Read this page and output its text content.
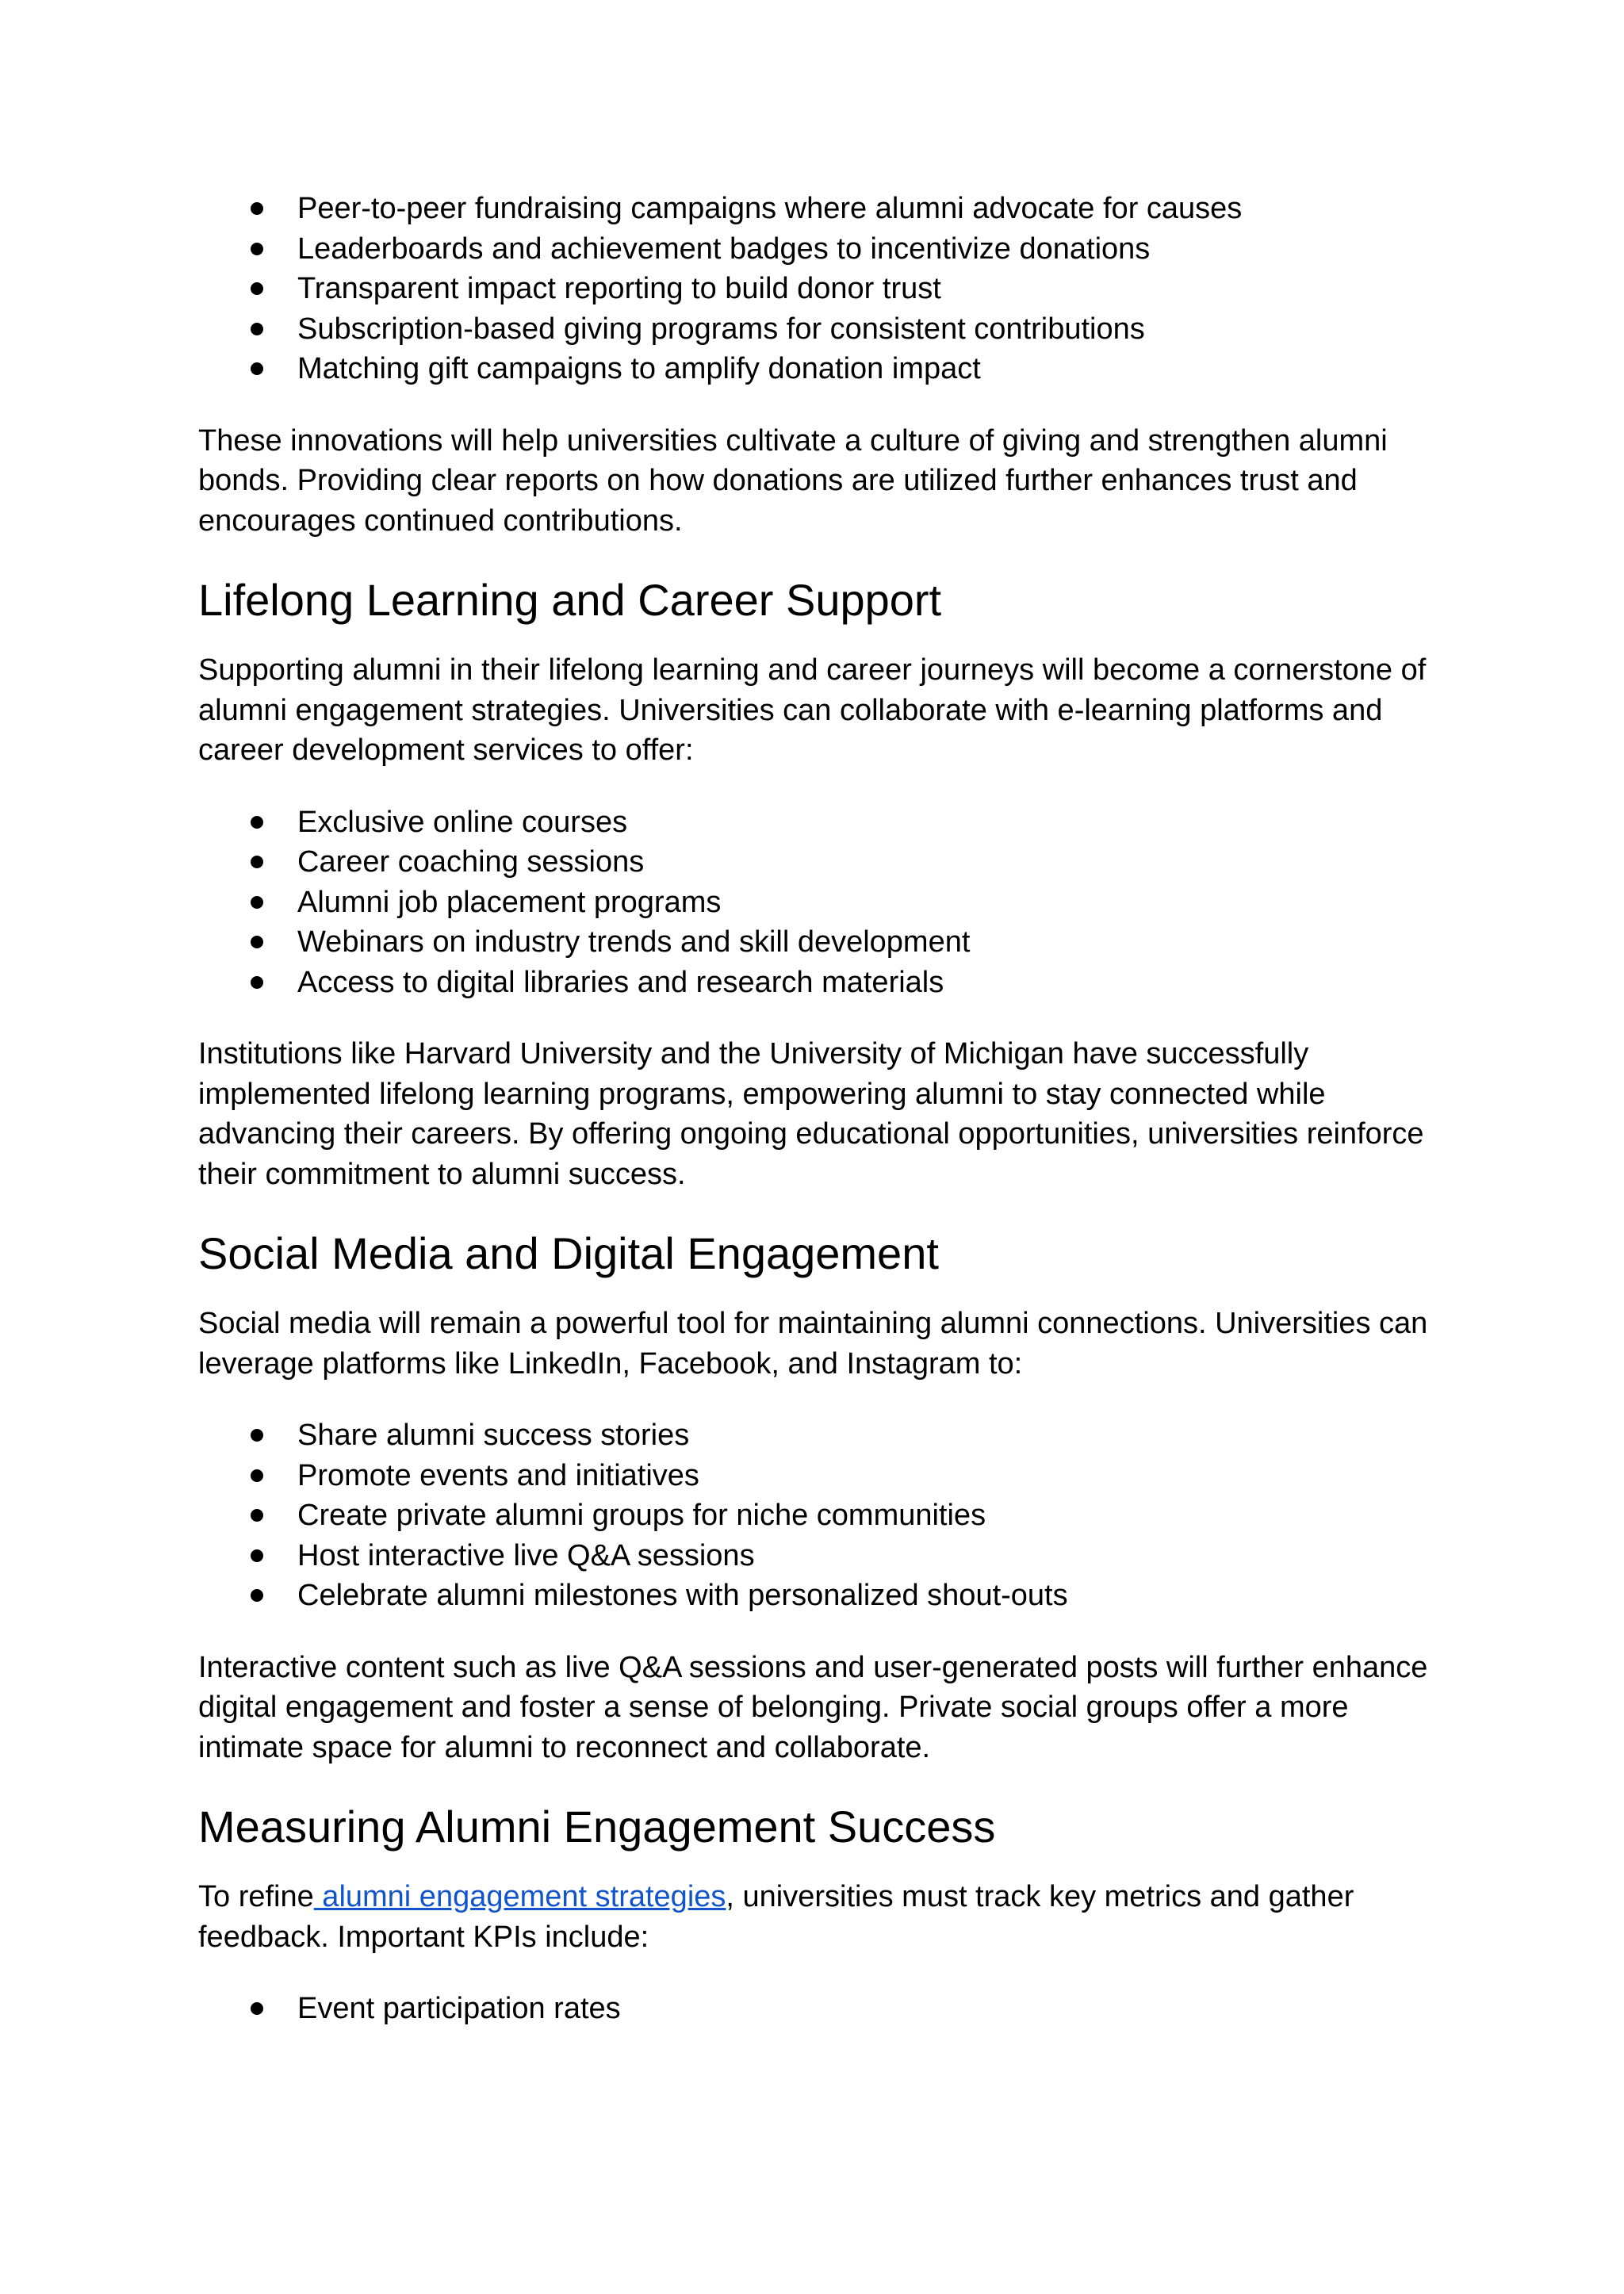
Peer-to-peer fundraising campaigns where alumni advocate for causes
Leaderboards and achievement badges to incentivize donations
Transparent impact reporting to build donor trust
Subscription-based giving programs for consistent contributions
Matching gift campaigns to amplify donation impact

These innovations will help universities cultivate a culture of giving and strengthen alumni bonds. Providing clear reports on how donations are utilized further enhances trust and encourages continued contributions.

Lifelong Learning and Career Support

Supporting alumni in their lifelong learning and career journeys will become a cornerstone of alumni engagement strategies. Universities can collaborate with e-learning platforms and career development services to offer:

Exclusive online courses
Career coaching sessions
Alumni job placement programs
Webinars on industry trends and skill development
Access to digital libraries and research materials

Institutions like Harvard University and the University of Michigan have successfully implemented lifelong learning programs, empowering alumni to stay connected while advancing their careers. By offering ongoing educational opportunities, universities reinforce their commitment to alumni success.

Social Media and Digital Engagement

Social media will remain a powerful tool for maintaining alumni connections. Universities can leverage platforms like LinkedIn, Facebook, and Instagram to:

Share alumni success stories
Promote events and initiatives
Create private alumni groups for niche communities
Host interactive live Q&A sessions
Celebrate alumni milestones with personalized shout-outs

Interactive content such as live Q&A sessions and user-generated posts will further enhance digital engagement and foster a sense of belonging. Private social groups offer a more intimate space for alumni to reconnect and collaborate.

Measuring Alumni Engagement Success

To refine alumni engagement strategies, universities must track key metrics and gather feedback. Important KPIs include:

Event participation rates
